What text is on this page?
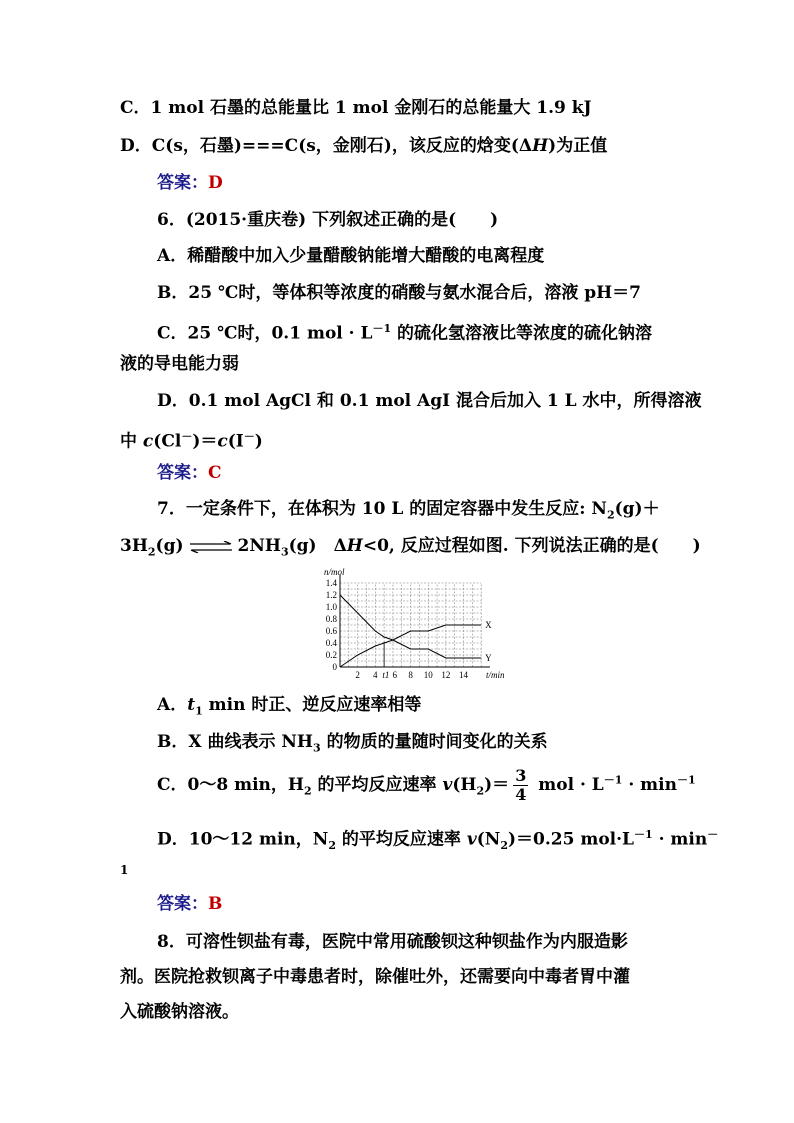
C．1 mol 石墨的总能量比 1 mol 金刚石的总能量大 1.9 kJ
D．C(s，石墨)===C(s，金刚石)，该反应的焓变(ΔH)为正值
答案：D
6．(2015·重庆卷) 下列叙述正确的是(　　)
A．稀醋酸中加入少量醋酸钠能增大醋酸的电离程度
B．25 ℃时，等体积等浓度的硝酸与氨水混合后，溶液 pH＝7
C．25 ℃时，0.1 mol · $L^{-1}$ 的硫化氢溶液比等浓度的硫化钠溶
液的导电能力弱
D．0.1 mol AgCl 和 0.1 mol AgI 混合后加入 1 L 水中，所得溶液
中 c(Cl－)＝c(I－)
答案：C
7．一定条件下，在体积为 10 L 的固定容器中发生反应: $N_2(g)+$
$3H_2(g)$ ⇌ $2NH_3(g)$　ΔH<0, 反应过程如图. 下列说法正确的是(　　)
0
0.2
0.4
0.6
0.8
1.0
1.2
1.4
2 4 t1 6 8 10 12 14
n/mol
t/min
X
Y
A．$t_1$ min 时正、逆反应速率相等
B．X 曲线表示 $NH_3$ 的物质的量随时间变化的关系
C．0～8 min，$H_2$ 的平均反应速率 $v(H_2)= \frac{3}{4}$ mol · $L^{-1} \cdot \min^{-1}$
D．10～12 min，$N_2$ 的平均反应速率 $v(N_2)=0.25$ $mol\cdot L^{-1} \cdot \min^-$
1
答案：B
8．可溶性钡盐有毒，医院中常用硫酸钡这种钡盐作为内服造影
剂。医院抢救钡离子中毒患者时，除催吐外，还需要向中毒者胃中灌
入硫酸钠溶液。
